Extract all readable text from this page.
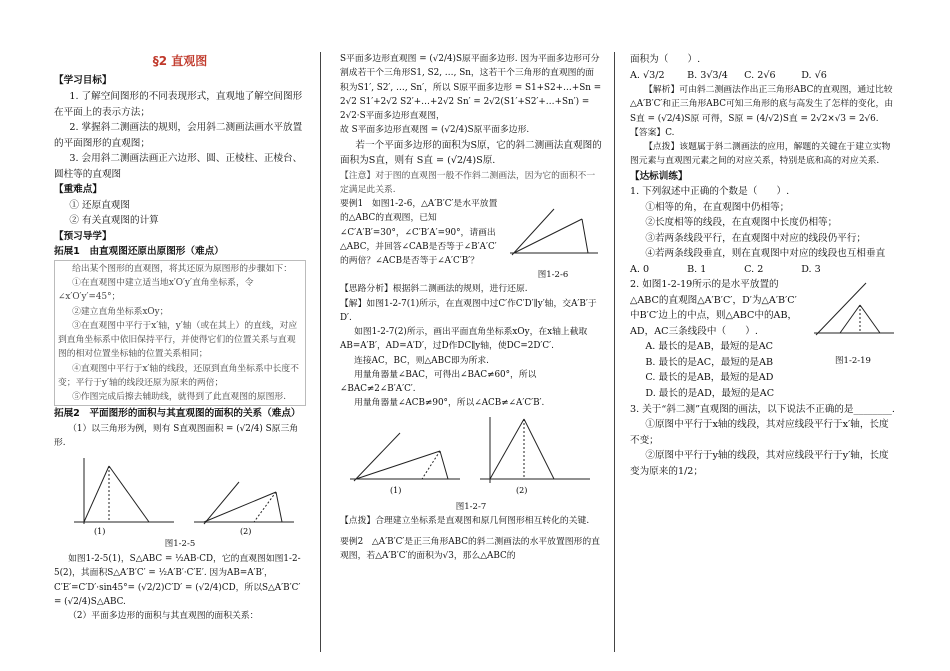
§2 直观图
【学习目标】
1. 了解空间图形的不同表现形式，直观地了解空间图形在平面上的表示方法；
2. 掌握斜二测画法的规则，会用斜二测画法画水平放置的平面图形的直观图；
3. 会用斜二测画法画正六边形、圆、正棱柱、正棱台、圆柱等的直观图
【重难点】
① 还原直观图
② 有关直观图的计算
【预习导学】
拓展1　由直观图还原出原图形（难点）
给出某个图形的直观图，将其还原为原图形的步骤如下：
①在直观图中建立适当地x′O′y′直角坐标系，令∠x′O′y′=45°；
②建立直角坐标系xOy；
③在直观图中平行于x′轴，y′轴（或在其上）的直线，对应到直角坐标系中依旧保持平行，并使得它们的位置关系与直观图的相对位置坐标轴的位置关系相同；
④直观图中平行于x′轴的线段，还原到直角坐标系中长度不变；平行于y′轴的线段还原为原来的两倍；
⑤作图完成后擦去辅助线，就得到了此直观图的原图形.
拓展2　平面图形的面积与其直观图的面积的关系（难点）
（1）以三角形为例，则有 S直观图面积 = (√2/4) S原三角形.
(1)	(2)
图1-2-5
如图1-2-5(1)，S△ABC = ½AB·CD，它的直观图如图1-2-5(2)，其面积S△A′B′C′ = ½A′B′·C′E′. 因为AB=A′B′，
C′E′=C′D′·sin45°= (√2/2)C′D′ = (√2/4)CD，所以S△A′B′C′ = (√2/4)S△ABC.
（2）平面多边形的面积与其直观图的面积关系：
S平面多边形直观图 = (√2/4)S原平面多边形. 因为平面多边形可分割成若干个三角形S1, S2, …, Sn，这若干个三角形的直观图的面积为S1′, S2′, …, Sn′，所以 S原平面多边形 = S1+S2+…+Sn = 2√2 S1′+2√2 S2′+…+2√2 Sn′ = 2√2(S1′+S2′+…+Sn′) = 2√2·S平面多边形直观图，
故 S平面多边形直观图 = (√2/4)S原平面多边形.
若一个平面多边形的面积为S原，它的斜二测画法直观图的面积为S直，则有 S直 = (√2/4)S原.
【注意】对于图的直观图一般不作斜二测画法，因为它的面积不一定满足此关系.
要例1　如图1-2-6，△A′B′C′是水平放置的△ABC的直观图，已知∠C′A′B′=30°，∠C′B′A′=90°，请画出△ABC，并回答∠CAB是否等于∠B′A′C′的两倍？∠ACB是否等于∠A′C′B′？
图1-2-6
【思路分析】根据斜二测画法的规则，进行还原.
【解】如图1-2-7(1)所示，在直观图中过C′作C′D′∥y′轴，交A′B′于D′.
如图1-2-7(2)所示，画出平面直角坐标系xOy，在x轴上截取AB=A′B′，AD=A′D′，过D作DC∥y轴，使DC=2D′C′.
连接AC，BC，则△ABC即为所求.
用量角器量∠BAC，可得出∠BAC≠60°，所以∠BAC≠2∠B′A′C′.
用量角器量∠ACB≠90°，所以∠ACB≠∠A′C′B′.
(1)	(2)
图1-2-7
【点拨】合理建立坐标系是直观图和原几何图形相互转化的关键.
要例2　△A′B′C′是正三角形ABC的斜二测画法的水平放置图形的直观图，若△A′B′C′的面积为√3，那么△ABC的
面积为（　　）.
A. √3/2 B. 3√3/4 C. 2√6	D. √6
【解析】可由斜二测画法作出正三角形ABC的直观图，通过比较△A′B′C′和正三角形ABC可知三角形的底与高发生了怎样的变化，由S直 = (√2/4)S原 可得，S原 = (4/√2)S直 = 2√2×√3 = 2√6.
【答案】C.
【点拨】该题属于斜二测画法的应用，解题的关键在于建立实物图元素与直观图元素之间的对应关系，特别是底和高的对应关系.
【达标训练】
1. 下列叙述中正确的个数是（　　）.
①相等的角，在直观图中仍相等；
②长度相等的线段，在直观图中长度仍相等；
③若两条线段平行，在直观图中对应的线段仍平行；
④若两条线段垂直，则在直观图中对应的线段也互相垂直
A. 0	B. 1	C. 2	D. 3
2. 如图1-2-19所示的是水平放置的△ABC的直观图△A′B′C′，D′为△A′B′C′中B′C′边上的中点，则△ABC中的AB，AD，AC三条线段中（　　）.
A. 最长的是AB，最短的是AC
B. 最长的是AC，最短的是AB
C. 最长的是AB，最短的是AD
D. 最长的是AD，最短的是AC
图1-2-19
3. 关于“斜二测”直观图的画法，以下说法不正确的是________.
①原图中平行于x轴的线段，其对应线段平行于x′轴，长度不变；
②原图中平行于y轴的线段，其对应线段平行于y′轴，长度变为原来的1/2；
